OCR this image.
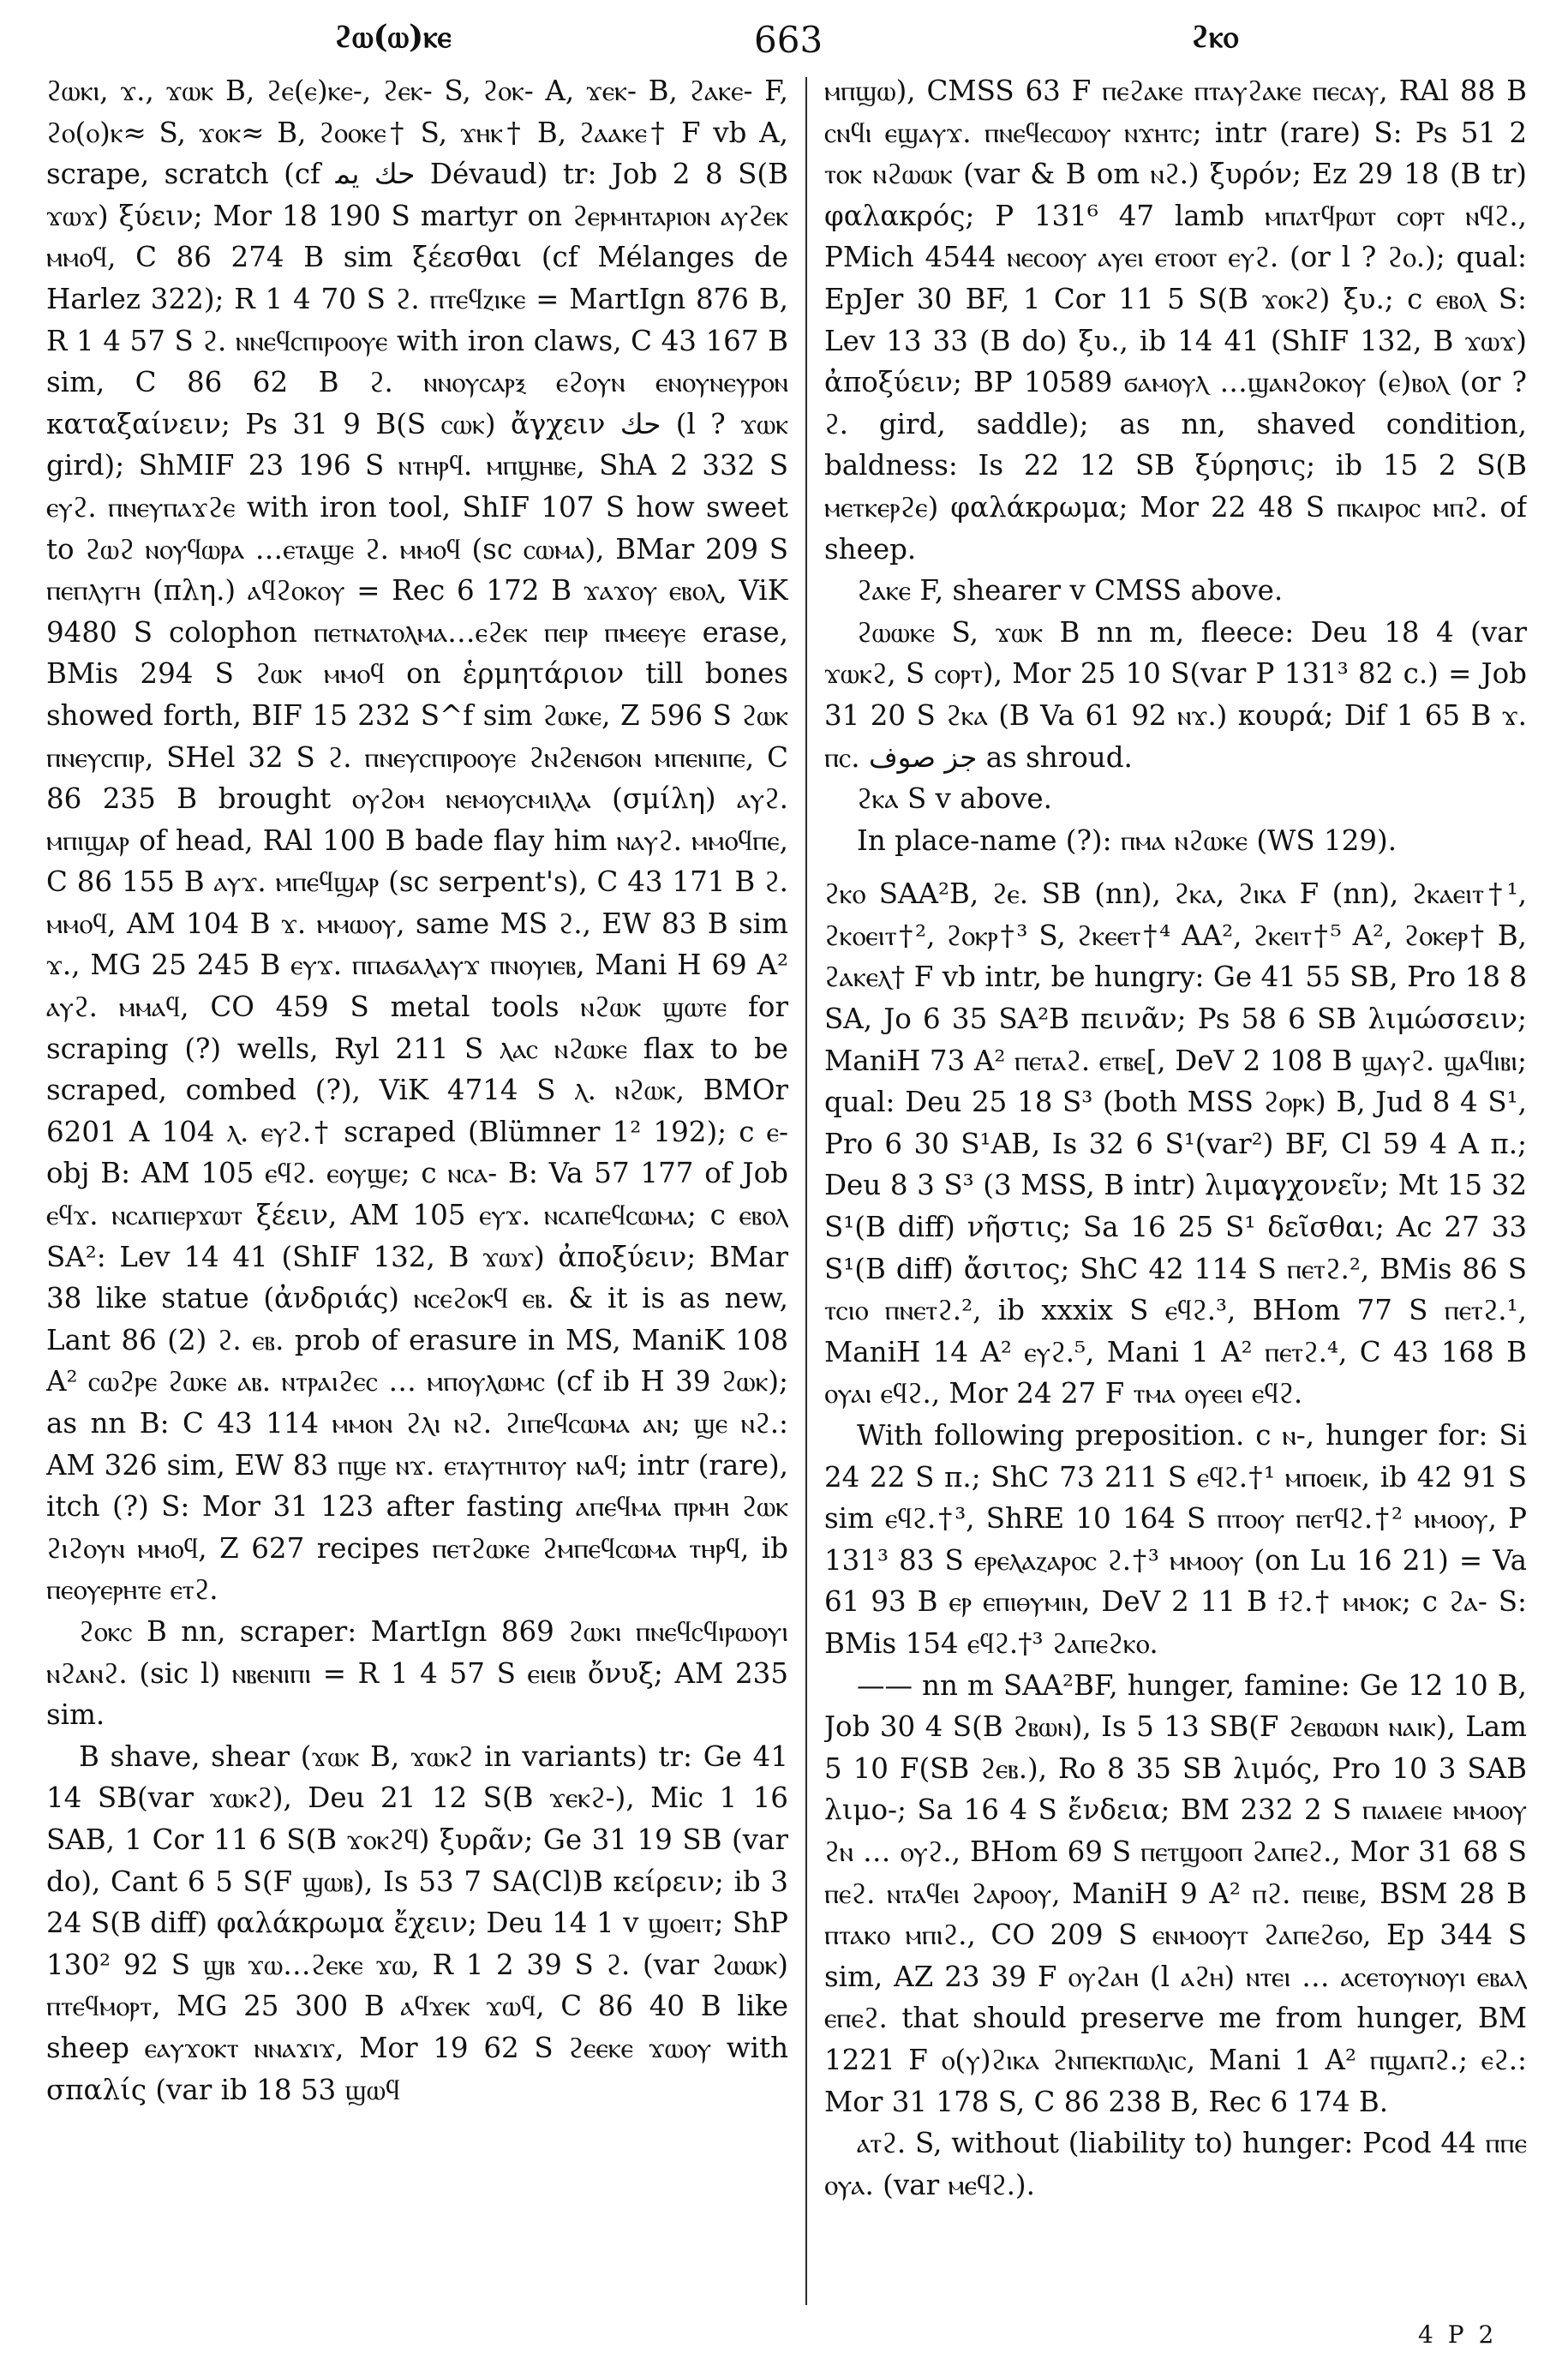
ϩⲱ(ⲱ)ⲕⲉ	663	ϩⲕⲟ

ϩⲱⲕⲓ, ϫ., ϫⲱⲕ B, ϩⲉ(ⲉ)ⲕⲉ-, ϩⲉⲕ- S, ϩⲟⲕ- A, ϫⲉⲕ- B, ϩⲁⲕⲉ- F, ϩⲟ(ⲟ)ⲕ≈ S, ϫⲟⲕ≈ B, ϩⲟⲟⲕⲉ† S, ϫⲏⲕ† B, ϩⲁⲁⲕⲉ† F vb A, scrape, scratch (cf ﺣﻚ ﻳﻤ Dévaud) tr: Job 2 8 S(B ϫⲱϫ) ξύειν; Mor 18 190 S martyr on ϩⲉⲣⲙⲏⲧⲁⲣⲓⲟⲛ ⲁⲩϩⲉⲕ ⲙⲙⲟϥ, C 86 274 B sim ξέεσθαι (cf Mélanges de Harlez 322); R 1 4 70 S ϩ. ⲡⲧⲉϥⲍⲓⲕⲉ = MartIgn 876 B, R 1 4 57 S ϩ. ⲛⲛⲉϥⲥⲡⲓⲣⲟⲟⲩⲉ with iron claws, C 43 167 B sim, C 86 62 B ϩ. ⲛⲛⲟⲩⲥⲁⲣⲝ ⲉϩⲟⲩⲛ ⲉⲛⲟⲩⲛⲉⲩⲣⲟⲛ καταξαίνειν; Ps 31 9 B(S ⲥⲱⲕ) ἄγχειν ﺣﻚ (l ? ϫⲱⲕ gird); ShMIF 23 196 S ⲛⲧⲏⲣϥ. ⲙⲡϣⲏⲃⲉ, ShA 2 332 S ⲉⲩϩ. ⲡⲛⲉⲩⲡⲁϫϩⲉ with iron tool, ShIF 107 S how sweet to ϩⲱϩ ⲛⲟⲩϥⲱⲣⲁ …ⲉⲧⲁϣⲉ ϩ. ⲙⲙⲟϥ (sc ⲥⲱⲙⲁ), BMar 209 S ⲡⲉⲡⲗⲩⲅⲏ (πλη.) ⲁϥϩⲟⲕⲟⲩ = Rec 6 172 B ϫⲁϫⲟⲩ ⲉⲃⲟⲗ, ViK 9480 S colophon ⲡⲉⲧⲛⲁⲧⲟⲗⲙⲁ…ⲉϩⲉⲕ ⲡⲉⲓⲣ ⲡⲙⲉⲉⲩⲉ erase, BMis 294 S ϩⲱⲕ ⲙⲙⲟϥ on ἑρμητάριον till bones showed forth, BIF 15 232 S^f sim ϩⲱⲕⲉ, Z 596 S ϩⲱⲕ ⲡⲛⲉⲩⲥⲡⲓⲣ, SHel 32 S ϩ. ⲡⲛⲉⲩⲥⲡⲓⲣⲟⲟⲩⲉ ϩⲛϩⲉⲛϭⲟⲛ ⲙⲡⲉⲛⲓⲡⲉ, C 86 235 B brought ⲟⲩϩⲟⲙ ⲛⲉⲙⲟⲩⲥⲙⲓⲗⲗⲁ (σμίλη) ⲁⲩϩ. ⲙⲡⲓϣⲁⲣ of head, RAl 100 B bade flay him ⲛⲁⲩϩ. ⲙⲙⲟϥⲡⲉ, C 86 155 B ⲁⲩϫ. ⲙⲡⲉϥϣⲁⲣ (sc serpent's), C 43 171 B ϩ. ⲙⲙⲟϥ, AM 104 B ϫ. ⲙⲙⲱⲟⲩ, same MS ϩ., EW 83 B sim ϫ., MG 25 245 B ⲉⲩϫ. ⲡⲡⲁϭⲁⲗⲁⲩϫ ⲡⲛⲟⲩⲓⲉⲃ, Mani H 69 A² ⲁⲩϩ. ⲙⲙⲁϥ, CO 459 S metal tools ⲛϩⲱⲕ ϣⲱⲧⲉ for scraping (?) wells, Ryl 211 S ⲗⲁⲥ ⲛϩⲱⲕⲉ flax to be scraped, combed (?), ViK 4714 S ⲗ. ⲛϩⲱⲕ, BMOr 6201 A 104 ⲗ. ⲉⲩϩ.† scraped (Blümner 1² 192); c ⲉ- obj B: AM 105 ⲉϥϩ. ⲉⲟⲩϣⲉ; c ⲛⲥⲁ- B: Va 57 177 of Job ⲉϥϫ. ⲛⲥⲁⲡⲓⲉⲣϫⲱⲧ ξέειν, AM 105 ⲉⲩϫ. ⲛⲥⲁⲡⲉϥⲥⲱⲙⲁ; c ⲉⲃⲟⲗ SA²: Lev 14 41 (ShIF 132, B ϫⲱϫ) ἀποξύειν; BMar 38 like statue (ἀνδριάς) ⲛⲥⲉϩⲟⲕϥ ⲉⲃ. & it is as new, Lant 86 (2) ϩ. ⲉⲃ. prob of erasure in MS, ManiK 108 A² ⲥⲱϩⲣⲉ ϩⲱⲕⲉ ⲁⲃ. ⲛⲧⲣⲁⲓϩⲉⲥ … ⲙⲡⲟⲩⲗⲱⲙⲥ (cf ib H 39 ϩⲱⲕ); as nn B: C 43 114 ⲙⲙⲟⲛ ϩⲗⲓ ⲛϩ. ϩⲓⲡⲉϥⲥⲱⲙⲁ ⲁⲛ; ϣⲉ ⲛϩ.: AM 326 sim, EW 83 ⲡϣⲉ ⲛϫ. ⲉⲧⲁⲩⲧⲏⲓⲧⲟⲩ ⲛⲁϥ; intr (rare), itch (?) S: Mor 31 123 after fasting ⲁⲡⲉϥⲙⲁ ⲡⲣⲙⲏ ϩⲱⲕ ϩⲓϩⲟⲩⲛ ⲙⲙⲟϥ, Z 627 recipes ⲡⲉⲧϩⲱⲕⲉ ϩⲙⲡⲉϥⲥⲱⲙⲁ ⲧⲏⲣϥ, ib ⲡⲉⲟⲩⲉⲣⲏⲧⲉ ⲉⲧϩ.

ϩⲟⲕⲥ B nn, scraper: MartIgn 869 ϩⲱⲕⲓ ⲡⲛⲉϥⲥϥⲓⲣⲱⲟⲩⲓ ⲛϩⲁⲛϩ. (sic l) ⲛⲃⲉⲛⲓⲡⲓ = R 1 4 57 S ⲉⲓⲉⲓⲃ ὄνυξ; AM 235 sim.

B shave, shear (ϫⲱⲕ B, ϫⲱⲕϩ in variants) tr: Ge 41 14 SB(var ϫⲱⲕϩ), Deu 21 12 S(B ϫⲉⲕϩ-), Mic 1 16 SAB, 1 Cor 11 6 S(B ϫⲟⲕϩϥ) ξυρᾶν; Ge 31 19 SB (var do), Cant 6 5 S(F ϣⲱⲃ), Is 53 7 SA(Cl)B κείρειν; ib 3 24 S(B diff) φαλάκρωμα ἔχειν; Deu 14 1 v ϣⲟⲉⲓⲧ; ShP 130² 92 S ϣⲃ ϫⲱ…ϩⲉⲕⲉ ϫⲱ, R 1 2 39 S ϩ. (var ϩⲱⲱⲕ) ⲡⲧⲉϥⲙⲟⲣⲧ, MG 25 300 B ⲁϥϫⲉⲕ ϫⲱϥ, C 86 40 B like sheep ⲉⲁⲩϫⲟⲕⲧ ⲛⲛⲁϫⲓϫ, Mor 19 62 S ϩⲉⲉⲕⲉ ϫⲱⲟⲩ with σπαλίς (var ib 18 53 ϣⲱϥ

ⲙⲡϣⲱ), CMSS 63 F ⲡⲉϩⲁⲕⲉ ⲡⲧⲁⲩϩⲁⲕⲉ ⲡⲉⲥⲁⲩ, RAl 88 B ⲥⲛϥⲓ ⲉϣⲁⲩϫ. ⲡⲛⲉϥⲉⲥⲱⲟⲩ ⲛϫⲏⲧⲥ; intr (rare) S: Ps 51 2 ⲧⲟⲕ ⲛϩⲱⲱⲕ (var & B om ⲛϩ.) ξυρόν; Ez 29 18 (B tr) φαλακρός; P 131⁶ 47 lamb ⲙⲡⲁⲧϥⲣⲱⲧ ⲥⲟⲣⲧ ⲛϥϩ., PMich 4544 ⲛⲉⲥⲟⲟⲩ ⲁⲩⲉⲓ ⲉⲧⲟⲟⲧ ⲉⲩϩ. (or l ? ϩⲟ.); qual: EpJer 30 BF, 1 Cor 11 5 S(B ϫⲟⲕϩ) ξυ.; c ⲉⲃⲟⲗ S: Lev 13 33 (B do) ξυ., ib 14 41 (ShIF 132, B ϫⲱϫ) ἀποξύειν; BP 10589 ϭⲁⲙⲟⲩⲗ …ϣⲁⲛϩⲟⲕⲟⲩ (ⲉ)ⲃⲟⲗ (or ? ϩ. gird, saddle); as nn, shaved condition, baldness: Is 22 12 SB ξύρησις; ib 15 2 S(B ⲙⲉⲧⲕⲉⲣϩⲉ) φαλάκρωμα; Mor 22 48 S ⲡⲕⲁⲓⲣⲟⲥ ⲙⲡϩ. of sheep.

ϩⲁⲕⲉ F, shearer v CMSS above.

ϩⲱⲱⲕⲉ S, ϫⲱⲕ B nn m, fleece: Deu 18 4 (var ϫⲱⲕϩ, S ⲥⲟⲣⲧ), Mor 25 10 S(var P 131³ 82 c.) = Job 31 20 S ϩⲕⲁ (B Va 61 92 ⲛϫ.) κουρά; Dif 1 65 B ϫ. ⲡⲥ. ﺟﺰ ﺻﻮﻑ as shroud.

ϩⲕⲁ S v above.

In place-name (?): ⲡⲙⲁ ⲛϩⲱⲕⲉ (WS 129).

ϩⲕⲟ SAA²B, ϩⲉ. SB (nn), ϩⲕⲁ, ϩⲓⲕⲁ F (nn), ϩⲕⲁⲉⲓⲧ†¹, ϩⲕⲟⲉⲓⲧ†², ϩⲟⲕⲣ†³ S, ϩⲕⲉⲉⲧ†⁴ AA², ϩⲕⲉⲓⲧ†⁵ A², ϩⲟⲕⲉⲣ† B, ϩⲁⲕⲉⲗ† F vb intr, be hungry: Ge 41 55 SB, Pro 18 8 SA, Jo 6 35 SA²B πεινᾶν; Ps 58 6 SB λιμώσσειν; ManiH 73 A² ⲡⲉⲧⲁϩ. ⲉⲧⲃⲉ[, DeV 2 108 B ϣⲁⲩϩ. ϣⲁϥⲓⲃⲓ; qual: Deu 25 18 S³ (both MSS ϩⲟⲣⲕ) B, Jud 8 4 S¹, Pro 6 30 S¹AB, Is 32 6 S¹(var²) BF, Cl 59 4 A π.; Deu 8 3 S³ (3 MSS, B intr) λιμαγχονεῖν; Mt 15 32 S¹(B diff) νῆστις; Sa 16 25 S¹ δεῖσθαι; Ac 27 33 S¹(B diff) ἄσιτος; ShC 42 114 S ⲡⲉⲧϩ.², BMis 86 S ⲧⲥⲓⲟ ⲡⲛⲉⲧϩ.², ib xxxix S ⲉϥϩ.³, BHom 77 S ⲡⲉⲧϩ.¹, ManiH 14 A² ⲉⲩϩ.⁵, Mani 1 A² ⲡⲉⲧϩ.⁴, C 43 168 B ⲟⲩⲁⲓ ⲉϥϩ., Mor 24 27 F ⲧⲙⲁ ⲟⲩⲉⲉⲓ ⲉϥϩ.

With following preposition. c ⲛ-, hunger for: Si 24 22 S π.; ShC 73 211 S ⲉϥϩ.†¹ ⲙⲡⲟⲉⲓⲕ, ib 42 91 S sim ⲉϥϩ.†³, ShRE 10 164 S ⲡⲧⲟⲟⲩ ⲡⲉⲧϥϩ.†² ⲙⲙⲟⲟⲩ, P 131³ 83 S ⲉⲣⲉⲗⲁⲍⲁⲣⲟⲥ ϩ.†³ ⲙⲙⲟⲟⲩ (on Lu 16 21) = Va 61 93 B ⲉⲣ ⲉⲡⲓⲑⲩⲙⲓⲛ, DeV 2 11 B ϯϩ.† ⲙⲙⲟⲕ; c ϩⲁ- S: BMis 154 ⲉϥϩ.†³ ϩⲁⲡⲉϩⲕⲟ.

—— nn m SAA²BF, hunger, famine: Ge 12 10 B, Job 30 4 S(B ϩⲃⲱⲛ), Is 5 13 SB(F ϩⲉⲃⲱⲱⲛ ⲛⲁⲓⲕ), Lam 5 10 F(SB ϩⲉⲃ.), Ro 8 35 SB λιμός, Pro 10 3 SAB λιμο-; Sa 16 4 S ἔνδεια; BM 232 2 S ⲡⲁⲓⲁⲉⲓⲉ ⲙⲙⲟⲟⲩ ϩⲛ … ⲟⲩϩ., BHom 69 S ⲡⲉⲧϣⲟⲟⲡ ϩⲁⲡⲉϩ., Mor 31 68 S ⲡⲉϩ. ⲛⲧⲁϥⲉⲓ ϩⲁⲣⲟⲟⲩ, ManiH 9 A² ⲡϩ. ⲡⲉⲓⲃⲉ, BSM 28 B ⲡⲧⲁⲕⲟ ⲙⲡⲓϩ., CO 209 S ⲉⲛⲙⲟⲟⲩⲧ ϩⲁⲡⲉϩϭⲟ, Ep 344 S sim, AZ 23 39 F ⲟⲩϩⲁⲏ (l ⲁϩⲏ) ⲛⲧⲉⲓ … ⲁⲥⲉⲧⲟⲩⲛⲟⲩⲓ ⲉⲃⲁⲗ ⲉⲡⲉϩ. that should preserve me from hunger, BM 1221 F ⲟ(ⲩ)ϩⲓⲕⲁ ϩⲛⲡⲉⲕⲡⲱⲗⲓⲥ, Mani 1 A² ⲡϣⲁⲡϩ.; ⲉϩ.: Mor 31 178 S, C 86 238 B, Rec 6 174 B.

ⲁⲧϩ. S, without (liability to) hunger: Pcod 44 ⲡⲡⲉ ⲟⲩⲁ. (var ⲙⲉϥϩ.).

4 P 2
